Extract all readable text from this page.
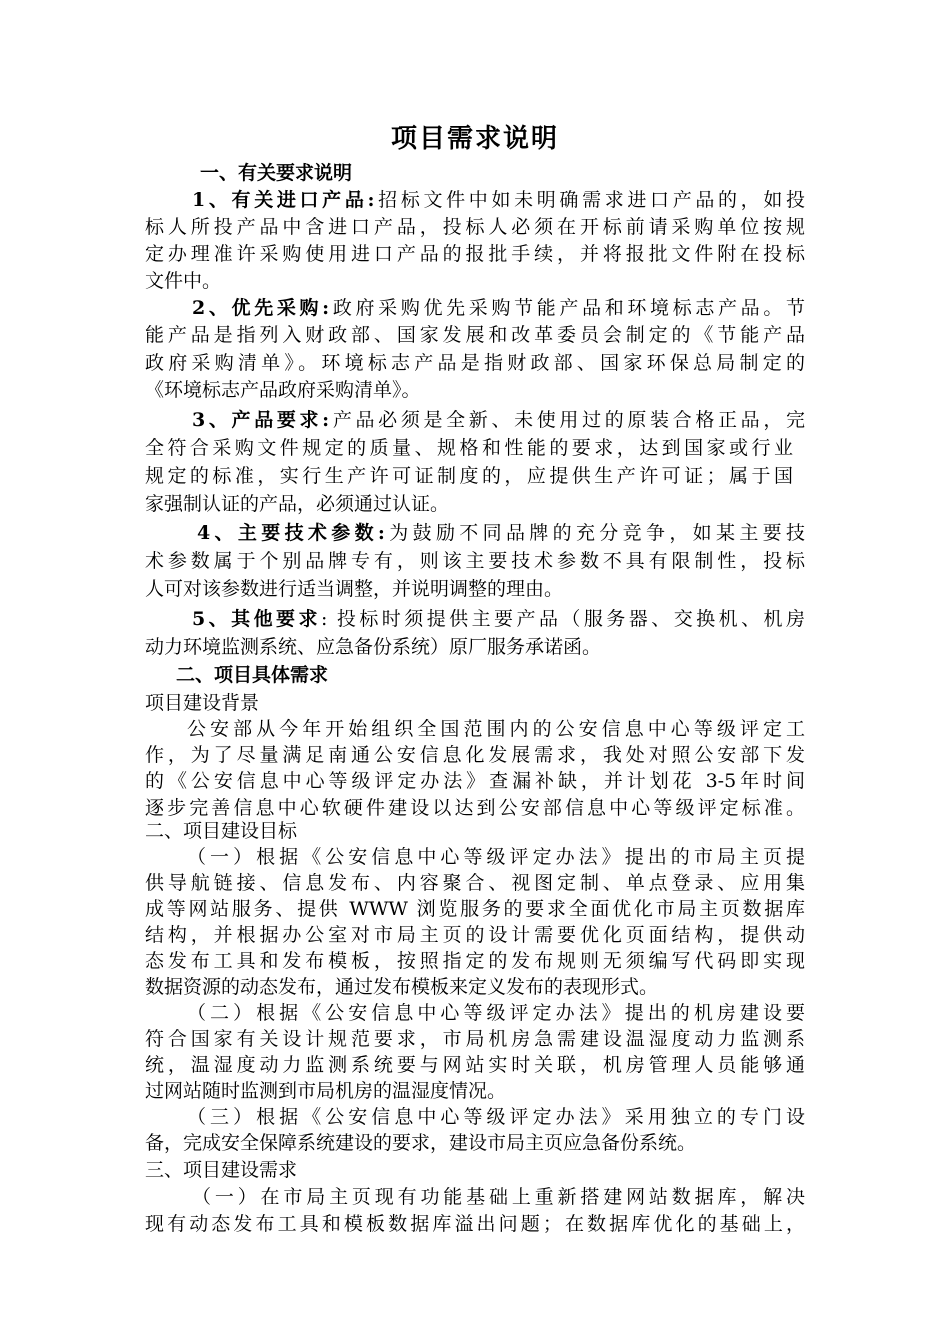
项目需求说明
一、有关要求说明
1、有关进口产品:招标文件中如未明确需求进口产品的，如投
标人所投产品中含进口产品，投标人必须在开标前请采购单位按规
定办理准许采购使用进口产品的报批手续，并将报批文件附在投标
文件中。
2、优先采购:政府采购优先采购节能产品和环境标志产品。节
能产品是指列入财政部、国家发展和改革委员会制定的《节能产品
政府采购清单》。环境标志产品是指财政部、国家环保总局制定的
《环境标志产品政府采购清单》。
3、产品要求:产品必须是全新、未使用过的原装合格正品，完
全符合采购文件规定的质量、规格和性能的要求，达到国家或行业
规定的标准，实行生产许可证制度的，应提供生产许可证；属于国
家强制认证的产品，必须通过认证。
4、主要技术参数:为鼓励不同品牌的充分竞争，如某主要技
术参数属于个别品牌专有，则该主要技术参数不具有限制性，投标
人可对该参数进行适当调整，并说明调整的理由。
5、其他要求: 投标时须提供主要产品（服务器、交换机、机房
动力环境监测系统、应急备份系统）原厂服务承诺函。
二、项目具体需求
项目建设背景
公安部从今年开始组织全国范围内的公安信息中心等级评定工
作，为了尽量满足南通公安信息化发展需求，我处对照公安部下发
的《公安信息中心等级评定办法》查漏补缺，并计划花 3-5年时间
逐步完善信息中心软硬件建设以达到公安部信息中心等级评定标准。
二、项目建设目标
（一）根据《公安信息中心等级评定办法》提出的市局主页提
供导航链接、信息发布、内容聚合、视图定制、单点登录、应用集
成等网站服务、提供 WWW 浏览服务的要求全面优化市局主页数据库
结构，并根据办公室对市局主页的设计需要优化页面结构，提供动
态发布工具和发布模板，按照指定的发布规则无须编写代码即实现
数据资源的动态发布，通过发布模板来定义发布的表现形式。
（二）根据《公安信息中心等级评定办法》提出的机房建设要
符合国家有关设计规范要求，市局机房急需建设温湿度动力监测系
统，温湿度动力监测系统要与网站实时关联，机房管理人员能够通
过网站随时监测到市局机房的温湿度情况。
（三）根据《公安信息中心等级评定办法》采用独立的专门设
备，完成安全保障系统建设的要求，建设市局主页应急备份系统。
三、项目建设需求
（一）在市局主页现有功能基础上重新搭建网站数据库，解决
现有动态发布工具和模板数据库溢出问题；在数据库优化的基础上，
